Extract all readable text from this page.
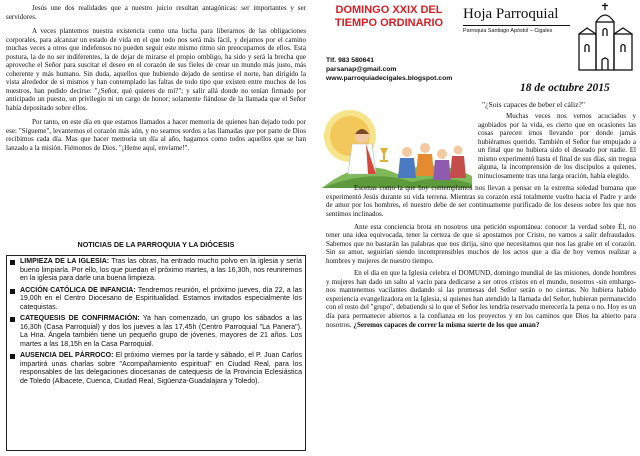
Jesús une dos realidades que a nuestro juicio resultan antagónicas: ser importantes y ser servidores.

A veces plantemos nuestra existencia como una lucha para liberarnos de las obligaciones corporales, para alcanzar un estado de vida en el que todo nos será más fácil, y dejamos por el camino muchas veces a otros que indefensos no pueden seguir este mismo ritmo sin preocuparnos de ellos. Esta postura, la de no ser indiferentes, la de dejar de mirarse el propio ombligo, ha sido y será la brecha que aproveche el Señor para suscitar el deseo en el corazón de sus fieles de crear un mundo más justo, más coherente y más humano. Sin duda, aquellos que hubiendo dejado de sentirse el norte, han dirigido la vista alrededor de sí mismos y han contemplado las faltas de todo tipo que existen entre muchos de los nuestros, han podido decirse: "¿Señor, qué quieres de mí?"; y salir allá donde no tenían firmado por anticipado un puesto, un privilegio ni un cargo de honor; solamente fiándose de la llamada que el Señor había depositado sobre ellos.

Por tanto, en este día en que estamos llamados a hacer memoria de quienes han dejado todo por ese: "Sígueme", levantemos el corazón más aún, y no seamos sordos a las llamadas que por parte de Dios recibimos cada día. Mas que hacer memoria un día al año, hagamos como todos aquellos que se han lanzado a la misión. Fiémonos de Dios. "¡Heme aquí, envíame!".

NOTICIAS DE LA PARROQUIA Y LA DIÓCESIS

LIMPIEZA DE LA IGLESIA: Tras las obras, ha entrado mucho polvo en la iglesia y sería bueno limpiarla. Por ello, los que puedan el próximo martes, a las 16,30h, nos reuniremos en la iglesia para darle una buena limpieza.

ACCIÓN CATÓLICA DE INFANCIA: Tendremos reunión, el próximo jueves, día 22, a las 19,00h en el Centro Diocesano de Espiritualidad. Estamos invitados especialmente los catequistas.

CATEQUESIS DE CONFIRMACIÓN: Ya han comenzado, un grupo los sábados a las 16,30h (Casa Parroquial) y dos los jueves a las 17,45h (Centro Parroquial "La Panera"). La Hna. Ángela también tiene un pequeño grupo de jóvenes, mayores de 21 años. Los martes a las 18,15h en la Casa Parroquial.

AUSENCIA DEL PÁRROCO: El próximo viernes por la tarde y sábado, el P. Juan Carlos impartirá unas charlas sobre "Acompañamiento espiritual" en Ciudad Real, para los responsables de las delegaciones diocesanas de catequesis de la Provincia Eclesiástica de Toledo (Albacete, Cuenca, Ciudad Real, Sigüenza-Guadalajara y Toledo).

DOMINGO XXIX DEL TIEMPO ORDINARIO
Hoja Parroquial
Parroquia Santiago Apóstol – Cigales
Tlf. 983 580641
parsanap@gmail.com
www.parroquiadecigales.blogspot.com
18 de octubre 2015
"¿Sois capaces de beber el cáliz?"

Muchas veces nos vemos acuciados y agobiados por la vida, es cierto que en ocasiones las cosas parecen irnos llevando por donde jamás hubiéramos querido. También el Señor fue empujado a un final que no hubiera sido el deseado por nadie. El mismo experimentó hasta el final de sus días, sin tregua alguna, la incomprensión de los discípulos a quienes, minuciosamente tras una larga oración, había elegido.

Escenas como la que hoy contemplamos nos llevan a pensar en la extrema soledad humana que experimentó Jesús durante su vida terrena. Mientras su corazón está totalmente vuelto hacia el Padre y arde de amor por los hombres, el nuestro debe de ser continuamente purificado de los deseos sobre los que nos sentimos inclinados.

Ante esta conciencia brota en nosotros una petición espontánea: conocer la verdad sobre Él, no tener una idea equivocada, tener la certeza de que si apostamos por Cristo, no vamos a salir defraudados. Sabemos que no bastarán las palabras que nos dirija, sino que necesitamos que nos las grabe en el corazón. Sin su amor, seguirían siendo incomprensibles muchos de los actos que a día de hoy vemos realizar a hombres y mujeres de nuestro tiempo.

En el día en que la Iglesia celebra el DOMUND, domingo mundial de las misiones, donde hombres y mujeres han dado un salto al vacío para dedicarse a ser otros cristos en el mundo, nosotros -sin embargo- nos mantenemos vacilantes dudando si las promesas del Señor serán o no ciertas. No hubiera habido experiencia evangelizadora en la Iglesia, si quienes han atendido la llamada del Señor, hubieran permanecido con el resto del "grupo", debatiendo si lo que el Señor les tendría reservado merecería la pena o no. Hoy es un día para permanecer abiertos a la confianza en los proyectos y en los caminos que Dios ha abierto para nosotros. ¿Seremos capaces de correr la misma suerte de los que aman?
